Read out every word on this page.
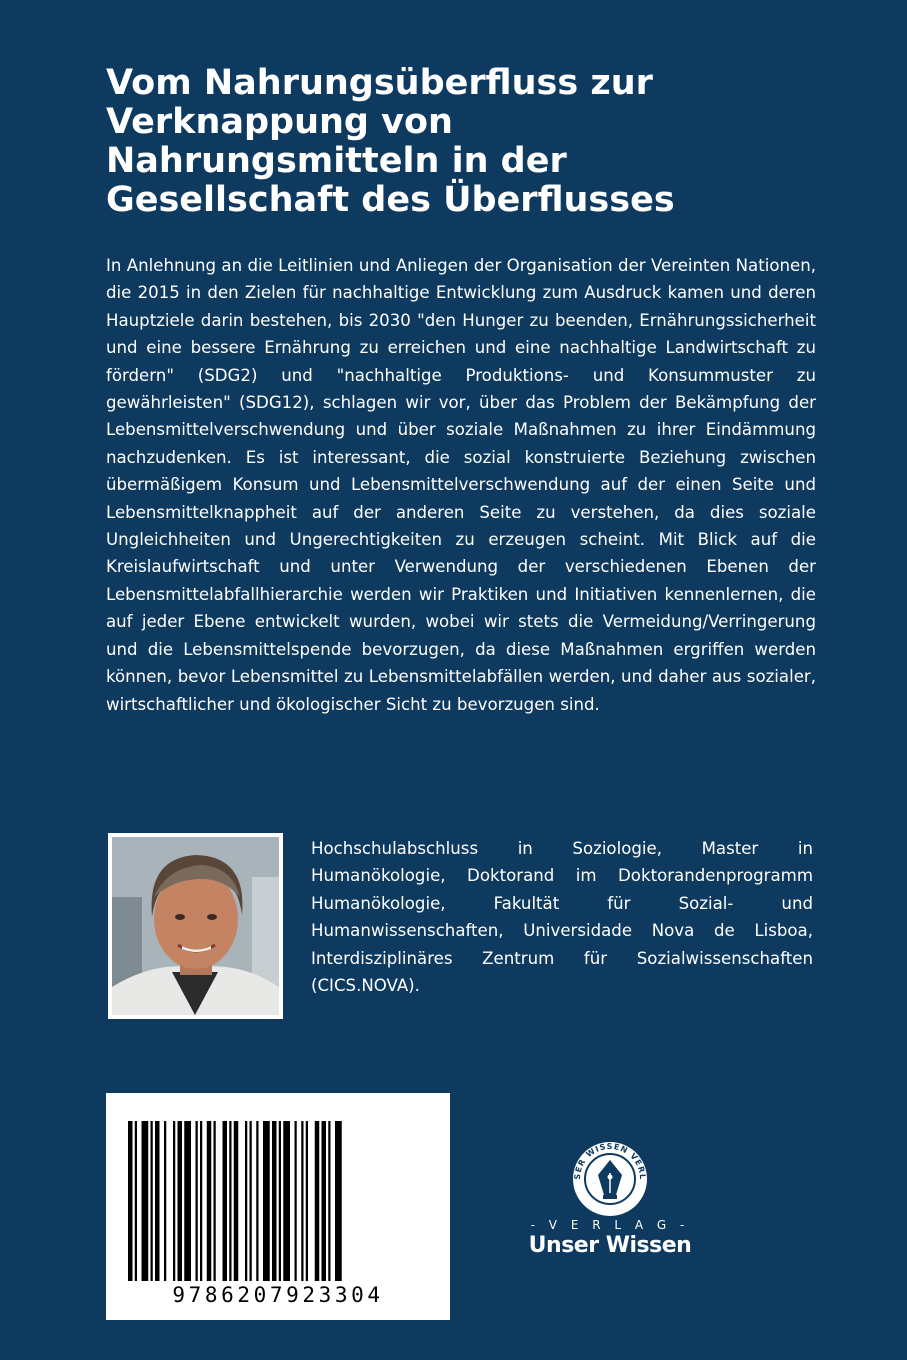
Vom Nahrungsüberfluss zur
Verknappung von
Nahrungsmitteln in der
Gesellschaft des Überflusses

In Anlehnung an die Leitlinien und Anliegen der Organisation der Vereinten Nationen, die 2015 in den Zielen für nachhaltige Entwicklung zum Ausdruck kamen und deren Hauptziele darin bestehen, bis 2030 "den Hunger zu beenden, Ernährungssicherheit und eine bessere Ernährung zu erreichen und eine nachhaltige Landwirtschaft zu fördern" (SDG2) und "nachhaltige Produktions- und Konsummuster zu gewährleisten" (SDG12), schlagen wir vor, über das Problem der Bekämpfung der Lebensmittelverschwendung und über soziale Maßnahmen zu ihrer Eindämmung nachzudenken. Es ist interessant, die sozial konstruierte Beziehung zwischen übermäßigem Konsum und Lebensmittelverschwendung auf der einen Seite und Lebensmittelknappheit auf der anderen Seite zu verstehen, da dies soziale Ungleichheiten und Ungerechtigkeiten zu erzeugen scheint. Mit Blick auf die Kreislaufwirtschaft und unter Verwendung der verschiedenen Ebenen der Lebensmittelabfallhierarchie werden wir Praktiken und Initiativen kennenlernen, die auf jeder Ebene entwickelt wurden, wobei wir stets die Vermeidung/Verringerung und die Lebensmittelspende bevorzugen, da diese Maßnahmen ergriffen werden können, bevor Lebensmittel zu Lebensmittelabfällen werden, und daher aus sozialer, wirtschaftlicher und ökologischer Sicht zu bevorzugen sind.

Hochschulabschluss in Soziologie, Master in Humanökologie, Doktorand im Doktorandenprogramm Humanökologie, Fakultät für Sozial- und Humanwissenschaften, Universidade Nova de Lisboa, Interdisziplinäres Zentrum für Sozialwissenschaften (CICS.NOVA).

9786207923304
SER WISSEN VERL
- V E R L A G -
Unser Wissen
